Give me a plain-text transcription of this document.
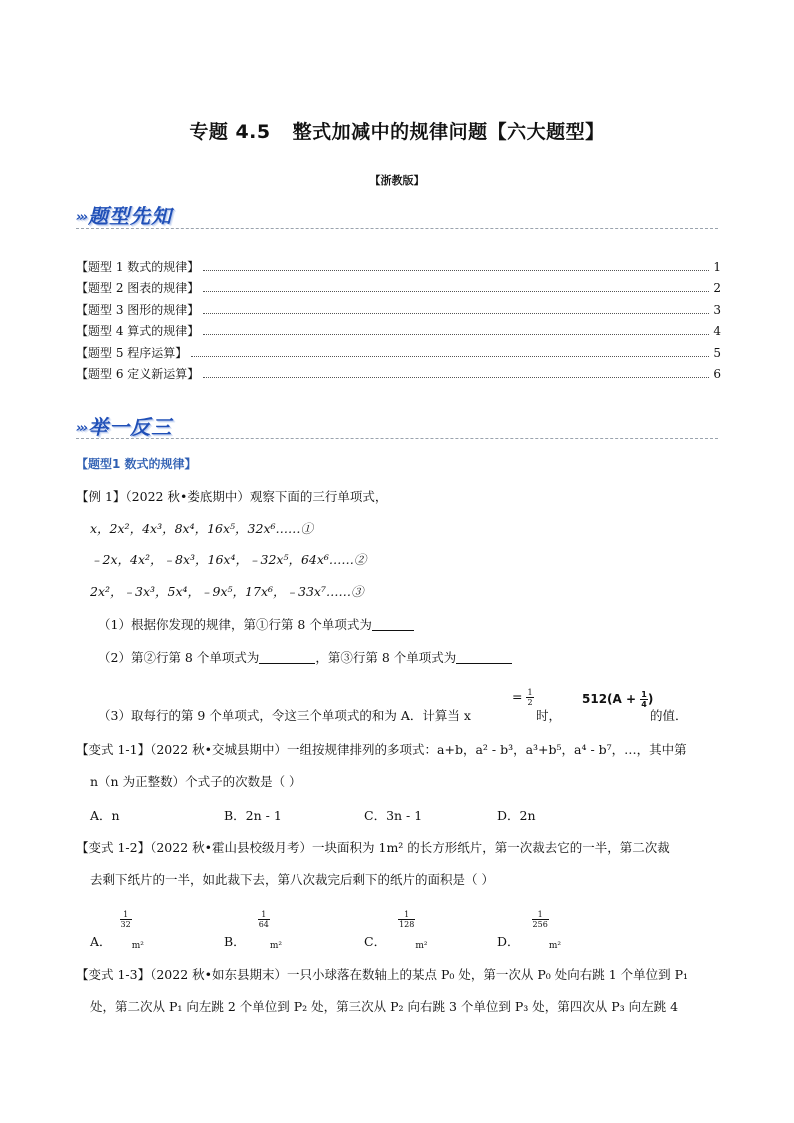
专题 4.5 整式加减中的规律问题【六大题型】
【浙教版】
››› 题型先知
【题型 1 数式的规律】	1
【题型 2 图表的规律】	2
【题型 3 图形的规律】	3
【题型 4 算式的规律】	4
【题型 5 程序运算】	5
【题型 6 定义新运算】	6
››› 举一反三
【题型1 数式的规律】
【例 1】（2022 秋•娄底期中）观察下面的三行单项式，
x，2x²，4x³，8x⁴，16x⁵，32x⁶……①
﹣2x，4x²，﹣8x³，16x⁴，﹣32x⁵，64x⁶……②
2x²，﹣3x³，5x⁴，﹣9x⁵，17x⁶，﹣33x⁷……③
（1）根据你发现的规律，第①行第 8 个单项式为
（2）第②行第 8 个单项式为	，第③行第 8 个单项式为
（3）取每行的第 9 个单项式，令这三个单项式的和为 A．计算当 x
= $\frac{1}{2}$
时，
$512(A + \frac{1}{4}$ )
的值．
【变式 1-1】（2022 秋•交城县期中）一组按规律排列的多项式：a+b，a² - b³，a³+b⁵，a⁴ - b⁷，…，其中第
n（n 为正整数）个式子的次数是（ ）
A．n	B．2n - 1	C．3n - 1	D．2n
【变式 1-2】（2022 秋•霍山县校级月考）一块面积为 1m² 的长方形纸片，第一次裁去它的一半，第二次裁
去剩下纸片的一半，如此裁下去，第八次裁完后剩下的纸片的面积是（ ）
A．
$\frac{1}{32}$
m²	B．
$\frac{1}{64}$
m²	C．
$\frac{1}{128}$
m²	D．
$\frac{1}{256}$
m²
【变式 1-3】（2022 秋•如东县期末）一只小球落在数轴上的某点 P₀ 处，第一次从 P₀ 处向右跳 1 个单位到 P₁
处，第二次从 P₁ 向左跳 2 个单位到 P₂ 处，第三次从 P₂ 向右跳 3 个单位到 P₃ 处，第四次从 P₃ 向左跳 4
